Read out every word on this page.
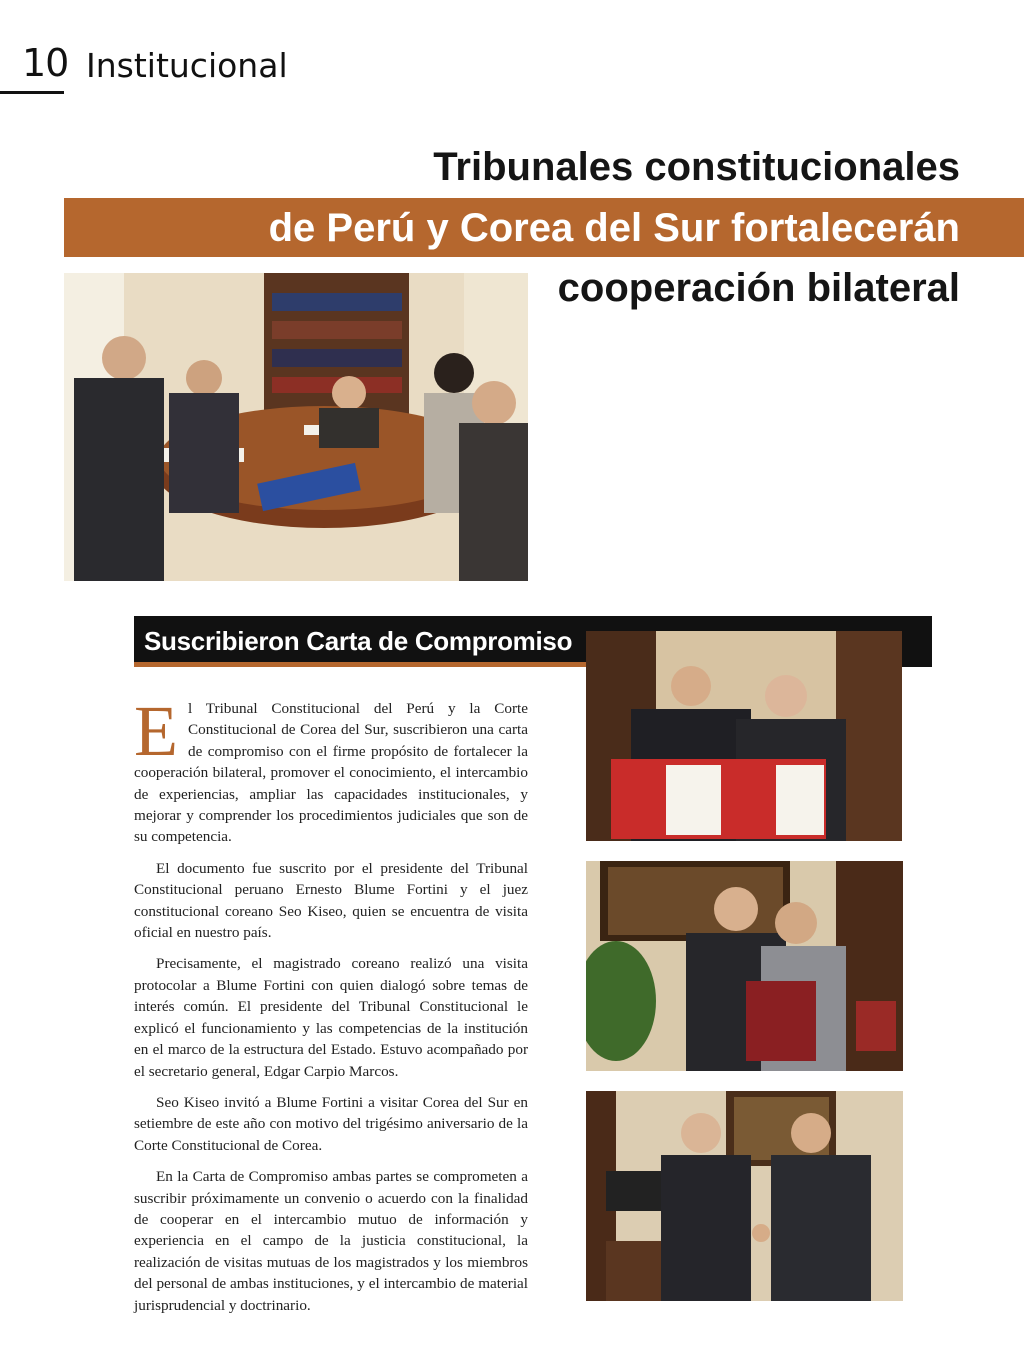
10 Institucional
Tribunales constitucionales
de Perú y Corea del Sur fortalecerán
cooperación bilateral
Suscribieron Carta de Compromiso

El Tribunal Constitucional del Perú y la Corte Constitucional de Corea del Sur, suscribieron una carta de compromiso con el firme propósito de fortalecer la cooperación bilateral, promover el conocimiento, el intercambio de experiencias, ampliar las capacidades institucionales, y mejorar y comprender los procedimientos judiciales que son de su competencia.

El documento fue suscrito por el presidente del Tribunal Constitucional peruano Ernesto Blume Fortini y el juez constitucional coreano Seo Kiseo, quien se encuentra de visita oficial en nuestro país.

Precisamente, el magistrado coreano realizó una visita protocolar a Blume Fortini con quien dialogó sobre temas de interés común. El presidente del Tribunal Constitucional le explicó el funcionamiento y las competencias de la institución en el marco de la estructura del Estado. Estuvo acompañado por el secretario general, Edgar Carpio Marcos.

Seo Kiseo invitó a Blume Fortini a visitar Corea del Sur en setiembre de este año con motivo del trigésimo aniversario de la Corte Constitucional de Corea.

En la Carta de Compromiso ambas partes se comprometen a suscribir próximamente un convenio o acuerdo con la finalidad de cooperar en el intercambio mutuo de información y experiencia en el campo de la justicia constitucional, la realización de visitas mutuas de los magistrados y los miembros del personal de ambas instituciones, y el intercambio de material jurisprudencial y doctrinario.
